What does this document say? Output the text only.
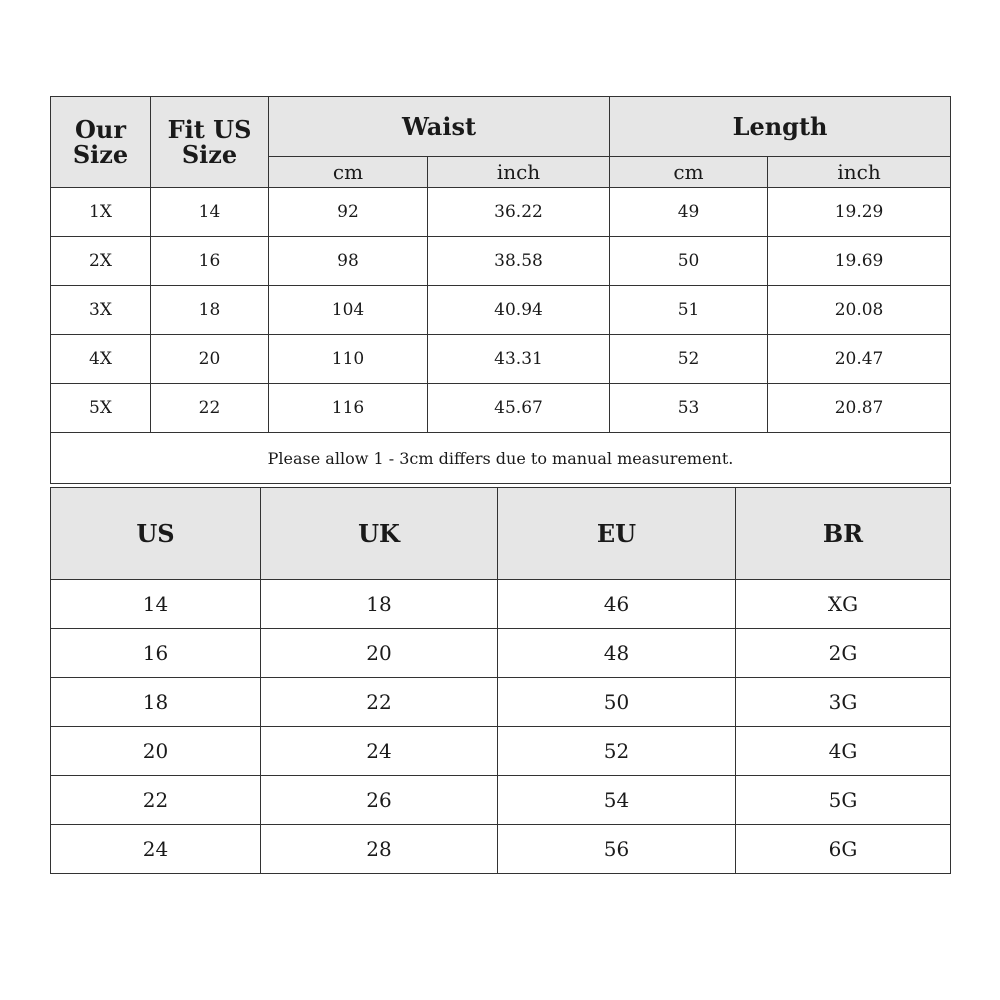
Our Size	Fit US Size	Waist		Length	
		cm	inch	cm	inch
1X	14	92	36.22	49	19.29
2X	16	98	38.58	50	19.69
3X	18	104	40.94	51	20.08
4X	20	110	43.31	52	20.47
5X	22	116	45.67	53	20.87
Please allow 1 - 3cm differs due to manual measurement.					
US	UK	EU	BR
14	18	46	XG
16	20	48	2G
18	22	50	3G
20	24	52	4G
22	26	54	5G
24	28	56	6G
